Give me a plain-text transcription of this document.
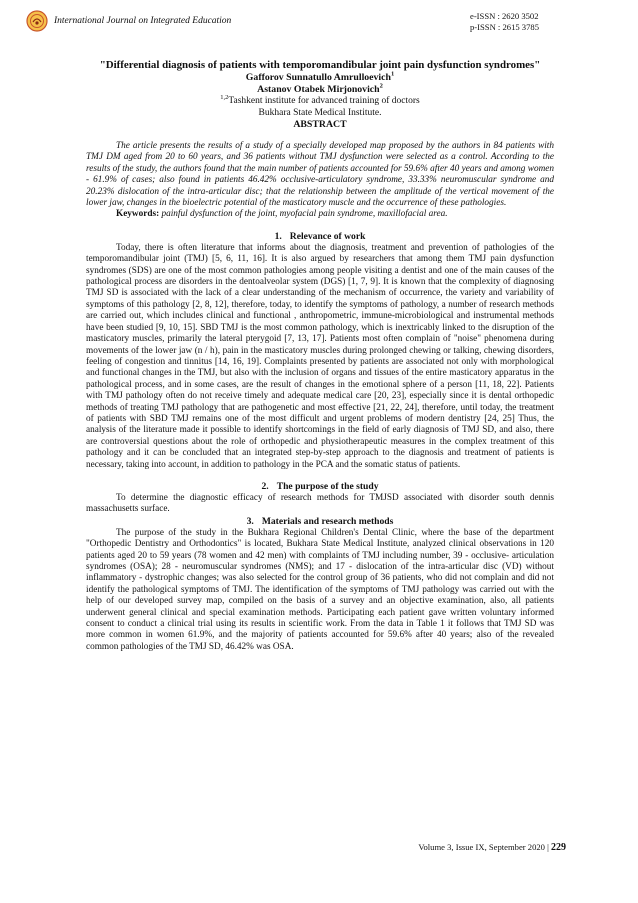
International Journal on Integrated Education	e-ISSN : 2620 3502
p-ISSN : 2615 3785

"Differential diagnosis of patients with temporomandibular joint pain dysfunction syndromes"

Gafforov Sunnatullo Amrulloevich$^1$

Astanov Otabek Mirjonovich$^2$

$^{1,2}$Tashkent institute for advanced training of doctors

Bukhara State Medical Institute.

ABSTRACT

The article presents the results of a study of a specially developed map proposed by the authors in 84 patients with TMJ DM aged from 20 to 60 years, and 36 patients without TMJ dysfunction were selected as a control. According to the results of the study, the authors found that the main number of patients accounted for 59.6% after 40 years and among women - 61.9% of cases; also found in patients 46.42% occlusive-articulatory syndrome, 33.33% neuromuscular syndrome and 20.23% dislocation of the intra-articular disc; that the relationship between the amplitude of the vertical movement of the lower jaw, changes in the bioelectric potential of the masticatory muscle and the occurrence of these pathologies.

Keywords: painful dysfunction of the joint, myofacial pain syndrome, maxillofacial area.

1. Relevance of work

Today, there is often literature that informs about the diagnosis, treatment and prevention of pathologies of the temporomandibular joint (TMJ) [5, 6, 11, 16]. It is also argued by researchers that among them TMJ pain dysfunction syndromes (SDS) are one of the most common pathologies among people visiting a dentist and one of the main causes of the pathological process are disorders in the dentoalveolar system (DGS) [1, 7, 9]. It is known that the complexity of diagnosing TMJ SD is associated with the lack of a clear understanding of the mechanism of occurrence, the variety and variability of symptoms of this pathology [2, 8, 12], therefore, today, to identify the symptoms of pathology, a number of research methods are carried out, which includes clinical and functional , anthropometric, immune-microbiological and instrumental methods have been studied [9, 10, 15]. SBD TMJ is the most common pathology, which is inextricably linked to the disruption of the masticatory muscles, primarily the lateral pterygoid [7, 13, 17]. Patients most often complain of "noise" phenomena during movements of the lower jaw (n / h), pain in the masticatory muscles during prolonged chewing or talking, chewing disorders, feeling of congestion and tinnitus [14, 16, 19]. Complaints presented by patients are associated not only with morphological and functional changes in the TMJ, but also with the inclusion of organs and tissues of the entire masticatory apparatus in the pathological process, and in some cases, are the result of changes in the emotional sphere of a person [11, 18, 22]. Patients with TMJ pathology often do not receive timely and adequate medical care [20, 23], especially since it is dental orthopedic methods of treating TMJ pathology that are pathogenetic and most effective [21, 22, 24], therefore, until today, the treatment of patients with SBD TMJ remains one of the most difficult and urgent problems of modern dentistry [24, 25] Thus, the analysis of the literature made it possible to identify shortcomings in the field of early diagnosis of TMJ SD, and also, there are controversial questions about the role of orthopedic and physiotherapeutic measures in the complex treatment of this pathology and it can be concluded that an integrated step-by-step approach to the diagnosis and treatment of patients is necessary, taking into account, in addition to pathology in the PCA and the somatic status of patients.

2. The purpose of the study

To determine the diagnostic efficacy of research methods for TMJSD associated with disorder south dennis massachusetts surface.

3. Materials and research methods

The purpose of the study in the Bukhara Regional Children's Dental Clinic, where the base of the department "Orthopedic Dentistry and Orthodontics" is located, Bukhara State Medical Institute, analyzed clinical observations in 120 patients aged 20 to 59 years (78 women and 42 men) with complaints of TMJ including number, 39 - occlusive- articulation syndromes (OSA); 28 - neuromuscular syndromes (NMS); and 17 - dislocation of the intra-articular disc (VD) without inflammatory - dystrophic changes; was also selected for the control group of 36 patients, who did not complain and did not identify the pathological symptoms of TMJ. The identification of the symptoms of TMJ pathology was carried out with the help of our developed survey map, compiled on the basis of a survey and an objective examination, also, all patients underwent general clinical and special examination methods. Participating each patient gave written voluntary informed consent to conduct a clinical trial using its results in scientific work. From the data in Table 1 it follows that TMJ SD was more common in women 61.9%, and the majority of patients accounted for 59.6% after 40 years; also of the revealed common pathologies of the TMJ SD, 46.42% was OSA.

Volume 3, Issue IX, September 2020 | 229
